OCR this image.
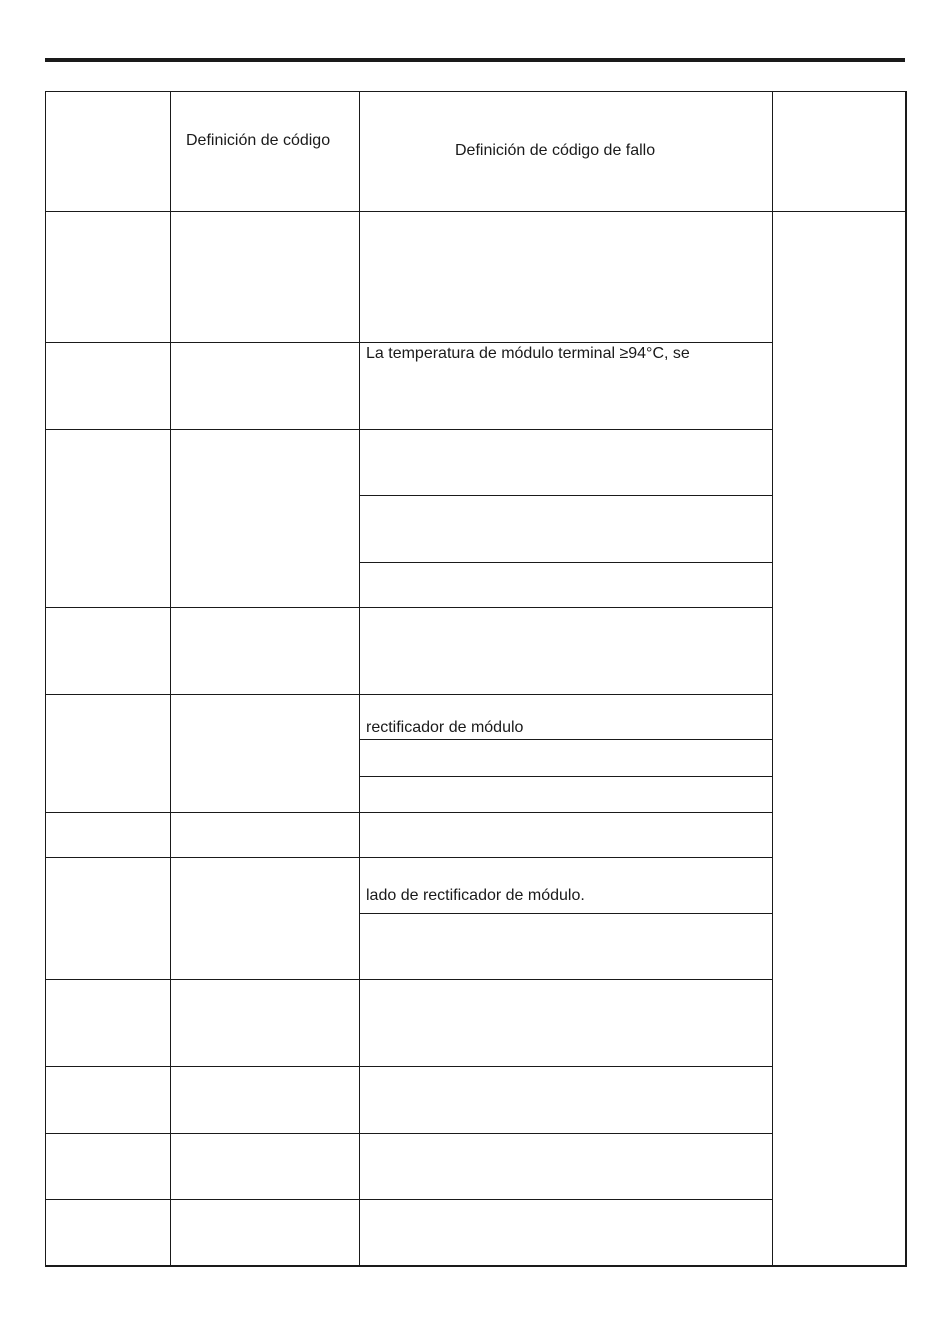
Definición de código
Definición de código de fallo
La temperatura de módulo terminal ≥94°C, se
rectificador de módulo
lado de rectificador de módulo.
